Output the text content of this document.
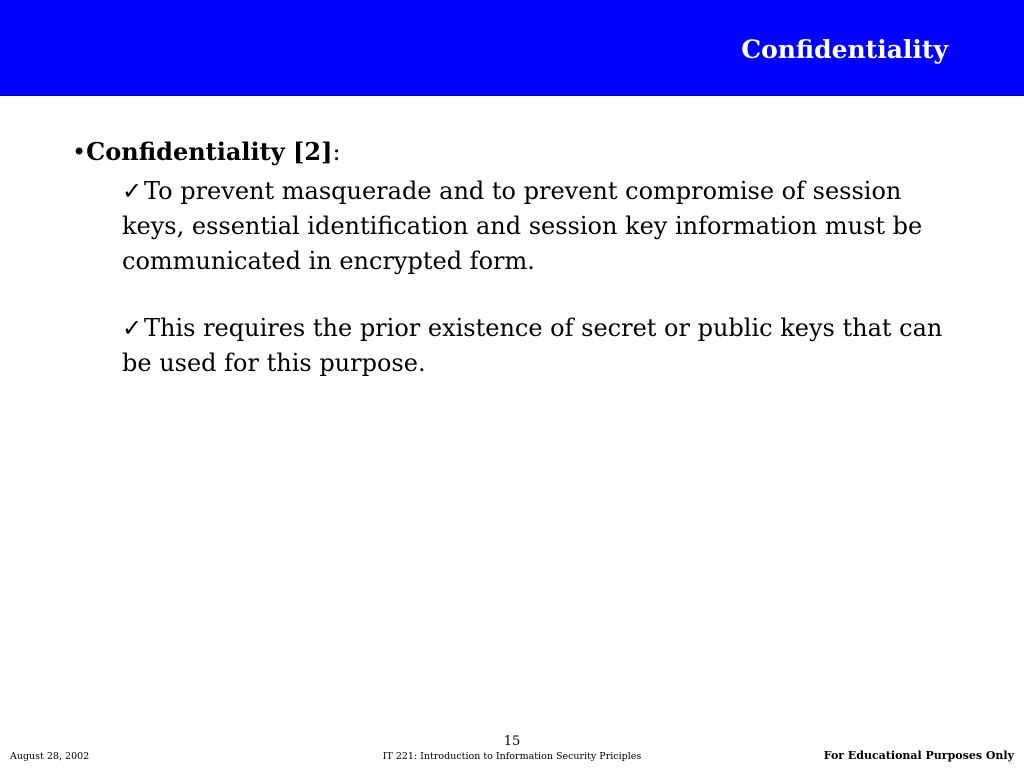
Confidentiality
•Confidentiality [2]:
✓To prevent masquerade and to prevent compromise of session keys, essential identification and session key information must be communicated in encrypted form.
✓This requires the prior existence of secret or public keys that can be used for this purpose.
August 28, 2002
15
IT 221: Introduction to Information Security Priciples	For Educational Purposes Only
